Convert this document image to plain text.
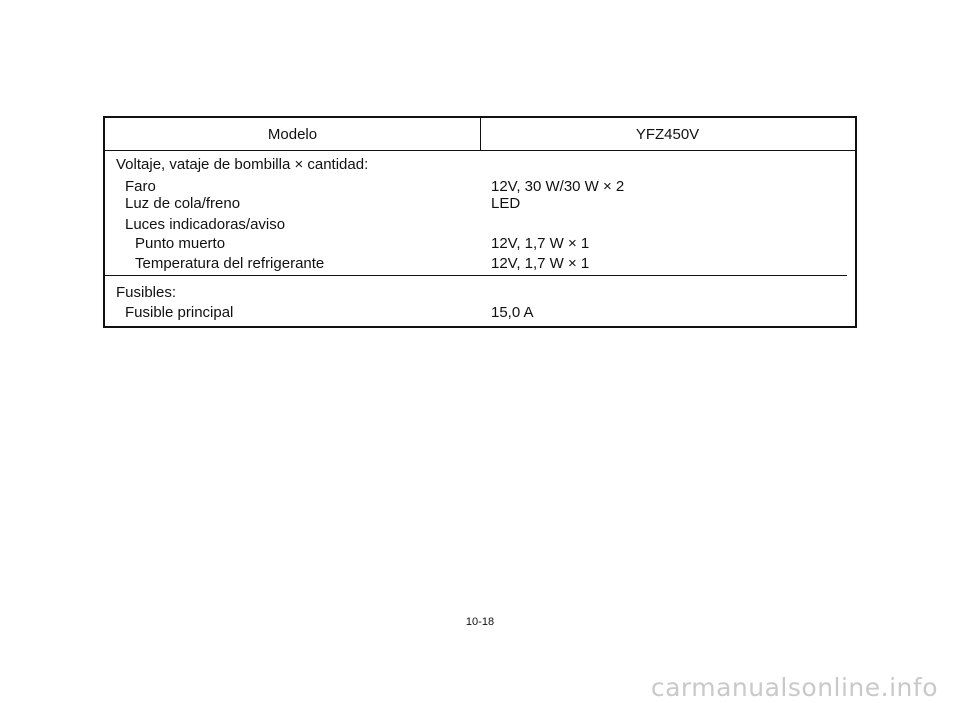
Modelo	YFZ450V
Voltaje, vataje de bombilla × cantidad:
Faro	12V, 30 W/30 W × 2
Luz de cola/freno	LED
Luces indicadoras/aviso
Punto muerto	12V, 1,7 W × 1
Temperatura del refrigerante	12V, 1,7 W × 1
Fusibles:
Fusible principal	15,0 A
10-18
carmanualsonline.info
